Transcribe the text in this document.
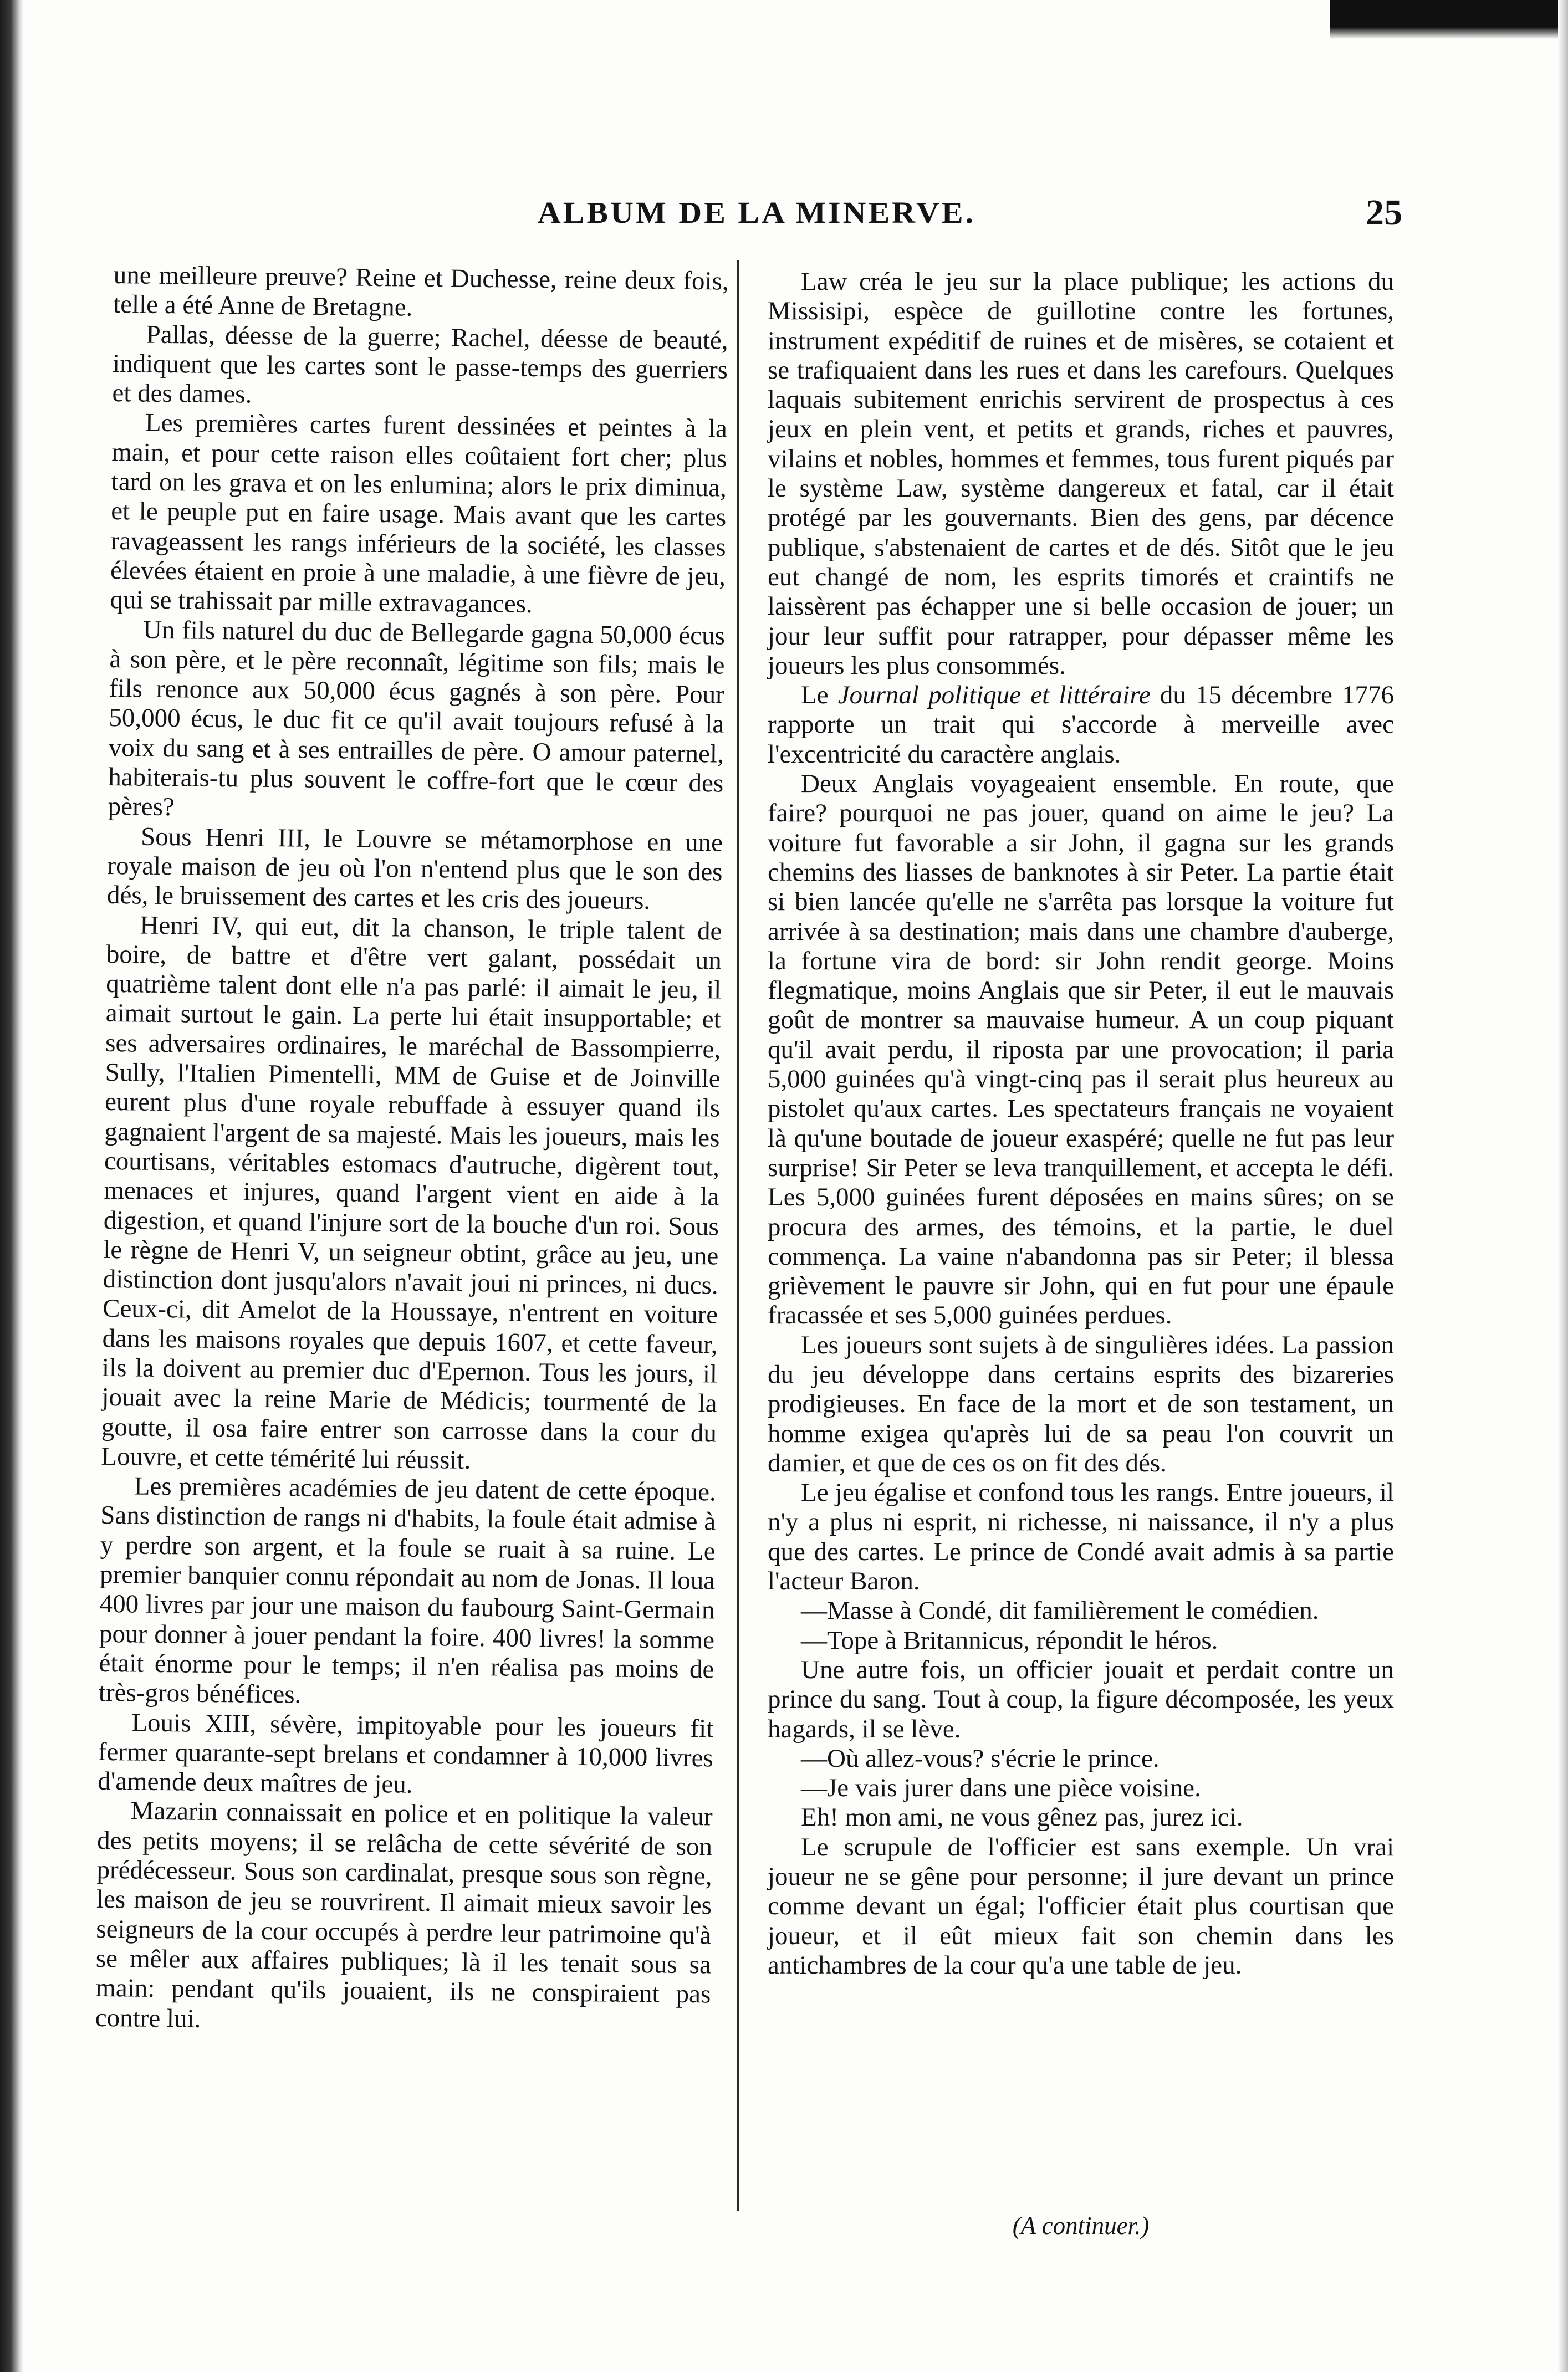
ALBUM DE LA MINERVE.	25

une meilleure preuve? Reine et Duchesse, reine deux fois, telle a été Anne de Bretagne.

Pallas, déesse de la guerre; Rachel, déesse de beauté, indiquent que les cartes sont le passe-temps des guerriers et des dames.

Les premières cartes furent dessinées et peintes à la main, et pour cette raison elles coûtaient fort cher; plus tard on les grava et on les enlumina; alors le prix diminua, et le peuple put en faire usage. Mais avant que les cartes ravageassent les rangs inférieurs de la société, les classes élevées étaient en proie à une maladie, à une fièvre de jeu, qui se trahissait par mille extravagances.

Un fils naturel du duc de Bellegarde gagna 50,000 écus à son père, et le père reconnaît, légitime son fils; mais le fils renonce aux 50,000 écus gagnés à son père. Pour 50,000 écus, le duc fit ce qu'il avait toujours refusé à la voix du sang et à ses entrailles de père. O amour paternel, habiterais-tu plus souvent le coffre-fort que le cœur des pères?

Sous Henri III, le Louvre se métamorphose en une royale maison de jeu où l'on n'entend plus que le son des dés, le bruissement des cartes et les cris des joueurs.

Henri IV, qui eut, dit la chanson, le triple talent de boire, de battre et d'être vert galant, possédait un quatrième talent dont elle n'a pas parlé: il aimait le jeu, il aimait surtout le gain. La perte lui était insupportable; et ses adversaires ordinaires, le maréchal de Bassompierre, Sully, l'Italien Pimentelli, MM de Guise et de Joinville eurent plus d'une royale rebuffade à essuyer quand ils gagnaient l'argent de sa majesté. Mais les joueurs, mais les courtisans, véritables estomacs d'autruche, digèrent tout, menaces et injures, quand l'argent vient en aide à la digestion, et quand l'injure sort de la bouche d'un roi. Sous le règne de Henri V, un seigneur obtint, grâce au jeu, une distinction dont jusqu'alors n'avait joui ni princes, ni ducs. Ceux-ci, dit Amelot de la Houssaye, n'entrent en voiture dans les maisons royales que depuis 1607, et cette faveur, ils la doivent au premier duc d'Epernon. Tous les jours, il jouait avec la reine Marie de Médicis; tourmenté de la goutte, il osa faire entrer son carrosse dans la cour du Louvre, et cette témérité lui réussit.

Les premières académies de jeu datent de cette époque. Sans distinction de rangs ni d'habits, la foule était admise à y perdre son argent, et la foule se ruait à sa ruine. Le premier banquier connu répondait au nom de Jonas. Il loua 400 livres par jour une maison du faubourg Saint-Germain pour donner à jouer pendant la foire. 400 livres! la somme était énorme pour le temps; il n'en réalisa pas moins de très-gros bénéfices.

Louis XIII, sévère, impitoyable pour les joueurs fit fermer quarante-sept brelans et condamner à 10,000 livres d'amende deux maîtres de jeu.

Mazarin connaissait en police et en politique la valeur des petits moyens; il se relâcha de cette sévérité de son prédécesseur. Sous son cardinalat, presque sous son règne, les maison de jeu se rouvrirent. Il aimait mieux savoir les seigneurs de la cour occupés à perdre leur patrimoine qu'à se mêler aux affaires publiques; là il les tenait sous sa main: pendant qu'ils jouaient, ils ne conspiraient pas contre lui.

Law créa le jeu sur la place publique; les actions du Missisipi, espèce de guillotine contre les fortunes, instrument expéditif de ruines et de misères, se cotaient et se trafiquaient dans les rues et dans les carefours. Quelques laquais subitement enrichis servirent de prospectus à ces jeux en plein vent, et petits et grands, riches et pauvres, vilains et nobles, hommes et femmes, tous furent piqués par le système Law, système dangereux et fatal, car il était protégé par les gouvernants. Bien des gens, par décence publique, s'abstenaient de cartes et de dés. Sitôt que le jeu eut changé de nom, les esprits timorés et craintifs ne laissèrent pas échapper une si belle occasion de jouer; un jour leur suffit pour ratrapper, pour dépasser même les joueurs les plus consommés.

Le Journal politique et littéraire du 15 décembre 1776 rapporte un trait qui s'accorde à merveille avec l'excentricité du caractère anglais.

Deux Anglais voyageaient ensemble. En route, que faire? pourquoi ne pas jouer, quand on aime le jeu? La voiture fut favorable a sir John, il gagna sur les grands chemins des liasses de banknotes à sir Peter. La partie était si bien lancée qu'elle ne s'arrêta pas lorsque la voiture fut arrivée à sa destination; mais dans une chambre d'auberge, la fortune vira de bord: sir John rendit george. Moins flegmatique, moins Anglais que sir Peter, il eut le mauvais goût de montrer sa mauvaise humeur. A un coup piquant qu'il avait perdu, il riposta par une provocation; il paria 5,000 guinées qu'à vingt-cinq pas il serait plus heureux au pistolet qu'aux cartes. Les spectateurs français ne voyaient là qu'une boutade de joueur exaspéré; quelle ne fut pas leur surprise! Sir Peter se leva tranquillement, et accepta le défi. Les 5,000 guinées furent déposées en mains sûres; on se procura des armes, des témoins, et la partie, le duel commença. La vaine n'abandonna pas sir Peter; il blessa grièvement le pauvre sir John, qui en fut pour une épaule fracassée et ses 5,000 guinées perdues.

Les joueurs sont sujets à de singulières idées. La passion du jeu développe dans certains esprits des bizareries prodigieuses. En face de la mort et de son testament, un homme exigea qu'après lui de sa peau l'on couvrit un damier, et que de ces os on fit des dés.

Le jeu égalise et confond tous les rangs. Entre joueurs, il n'y a plus ni esprit, ni richesse, ni naissance, il n'y a plus que des cartes. Le prince de Condé avait admis à sa partie l'acteur Baron.

—Masse à Condé, dit familièrement le comédien.

—Tope à Britannicus, répondit le héros.

Une autre fois, un officier jouait et perdait contre un prince du sang. Tout à coup, la figure décomposée, les yeux hagards, il se lève.

—Où allez-vous? s'écrie le prince.

—Je vais jurer dans une pièce voisine.

Eh! mon ami, ne vous gênez pas, jurez ici.

Le scrupule de l'officier est sans exemple. Un vrai joueur ne se gêne pour personne; il jure devant un prince comme devant un égal; l'officier était plus courtisan que joueur, et il eût mieux fait son chemin dans les antichambres de la cour qu'a une table de jeu.

(A continuer.)
